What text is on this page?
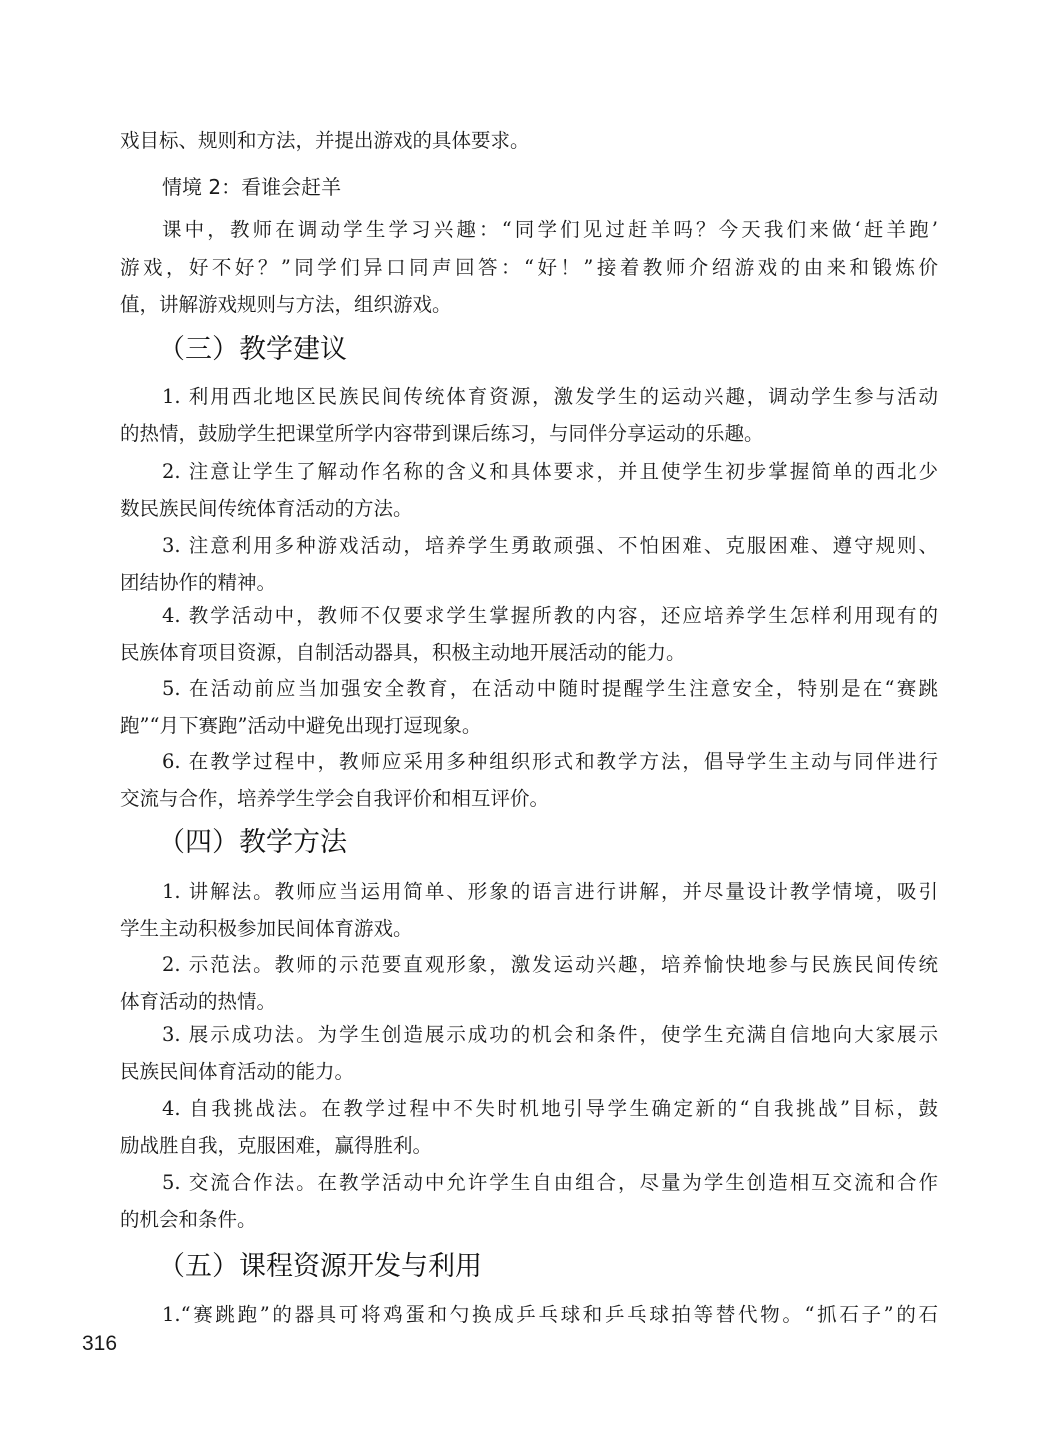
戏目标、规则和方法，并提出游戏的具体要求。
情境 2：看谁会赶羊
课中，教师在调动学生学习兴趣：“同学们见过赶羊吗？今天我们来做‘赶羊跑’
游戏，好不好？”同学们异口同声回答：“好！”接着教师介绍游戏的由来和锻炼价
值，讲解游戏规则与方法，组织游戏。
（三）教学建议
1. 利用西北地区民族民间传统体育资源，激发学生的运动兴趣，调动学生参与活动
的热情，鼓励学生把课堂所学内容带到课后练习，与同伴分享运动的乐趣。
2. 注意让学生了解动作名称的含义和具体要求，并且使学生初步掌握简单的西北少
数民族民间传统体育活动的方法。
3. 注意利用多种游戏活动，培养学生勇敢顽强、不怕困难、克服困难、遵守规则、
团结协作的精神。
4. 教学活动中，教师不仅要求学生掌握所教的内容，还应培养学生怎样利用现有的
民族体育项目资源，自制活动器具，积极主动地开展活动的能力。
5. 在活动前应当加强安全教育，在活动中随时提醒学生注意安全，特别是在“赛跳
跑”“月下赛跑”活动中避免出现打逗现象。
6. 在教学过程中，教师应采用多种组织形式和教学方法，倡导学生主动与同伴进行
交流与合作，培养学生学会自我评价和相互评价。
（四）教学方法
1. 讲解法。教师应当运用简单、形象的语言进行讲解，并尽量设计教学情境，吸引
学生主动积极参加民间体育游戏。
2. 示范法。教师的示范要直观形象，激发运动兴趣，培养愉快地参与民族民间传统
体育活动的热情。
3. 展示成功法。为学生创造展示成功的机会和条件，使学生充满自信地向大家展示
民族民间体育活动的能力。
4. 自我挑战法。在教学过程中不失时机地引导学生确定新的“自我挑战”目标，鼓
励战胜自我，克服困难，赢得胜利。
5. 交流合作法。在教学活动中允许学生自由组合，尽量为学生创造相互交流和合作
的机会和条件。
（五）课程资源开发与利用
1.“赛跳跑”的器具可将鸡蛋和勺换成乒乓球和乒乓球拍等替代物。“抓石子”的石
316
